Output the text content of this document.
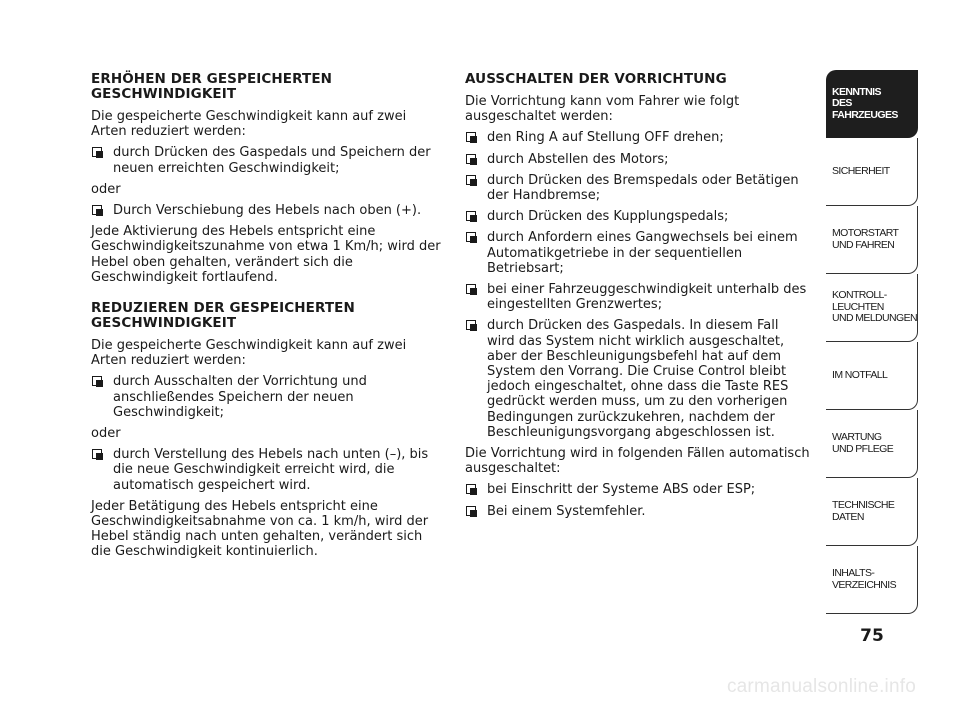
ERHÖHEN DER GESPEICHERTEN GESCHWINDIGKEIT

Die gespeicherte Geschwindigkeit kann auf zwei Arten reduziert werden:

durch Drücken des Gaspedals und Speichern der neuen erreichten Geschwindigkeit;

oder

Durch Verschiebung des Hebels nach oben (+).

Jede Aktivierung des Hebels entspricht eine Geschwindigkeitszunahme von etwa 1 Km/h; wird der Hebel oben gehalten, verändert sich die Geschwindigkeit fortlaufend.

REDUZIEREN DER GESPEICHERTEN GESCHWINDIGKEIT

Die gespeicherte Geschwindigkeit kann auf zwei Arten reduziert werden:

durch Ausschalten der Vorrichtung und anschließendes Speichern der neuen Geschwindigkeit;

oder

durch Verstellung des Hebels nach unten (–), bis die neue Geschwindigkeit erreicht wird, die automatisch gespeichert wird.

Jeder Betätigung des Hebels entspricht eine Geschwindigkeitsabnahme von ca. 1 km/h, wird der Hebel ständig nach unten gehalten, verändert sich die Geschwindigkeit kontinuierlich.

AUSSCHALTEN DER VORRICHTUNG

Die Vorrichtung kann vom Fahrer wie folgt ausgeschaltet werden:

den Ring A auf Stellung OFF drehen;
durch Abstellen des Motors;
durch Drücken des Bremspedals oder Betätigen der Handbremse;
durch Drücken des Kupplungspedals;
durch Anfordern eines Gangwechsels bei einem Automatikgetriebe in der sequentiellen Betriebsart;
bei einer Fahrzeuggeschwindigkeit unterhalb des eingestellten Grenzwertes;
durch Drücken des Gaspedals. In diesem Fall wird das System nicht wirklich ausgeschaltet, aber der Beschleunigungsbefehl hat auf dem System den Vorrang. Die Cruise Control bleibt jedoch eingeschaltet, ohne dass die Taste RES gedrückt werden muss, um zu den vorherigen Bedingungen zurückzukehren, nachdem der Beschleunigungsvorgang abgeschlossen ist.

Die Vorrichtung wird in folgenden Fällen automatisch ausgeschaltet:

bei Einschritt der Systeme ABS oder ESP;
Bei einem Systemfehler.
KENNTNIS
DES FAHRZEUGES
SICHERHEIT
MOTORSTART
UND FAHREN
KONTROLL-
LEUCHTEN
UND MELDUNGEN
IM NOTFALL
WARTUNG
UND PFLEGE
TECHNISCHE
DATEN
INHALTS-
VERZEICHNIS
75
carmanualsonline.info
